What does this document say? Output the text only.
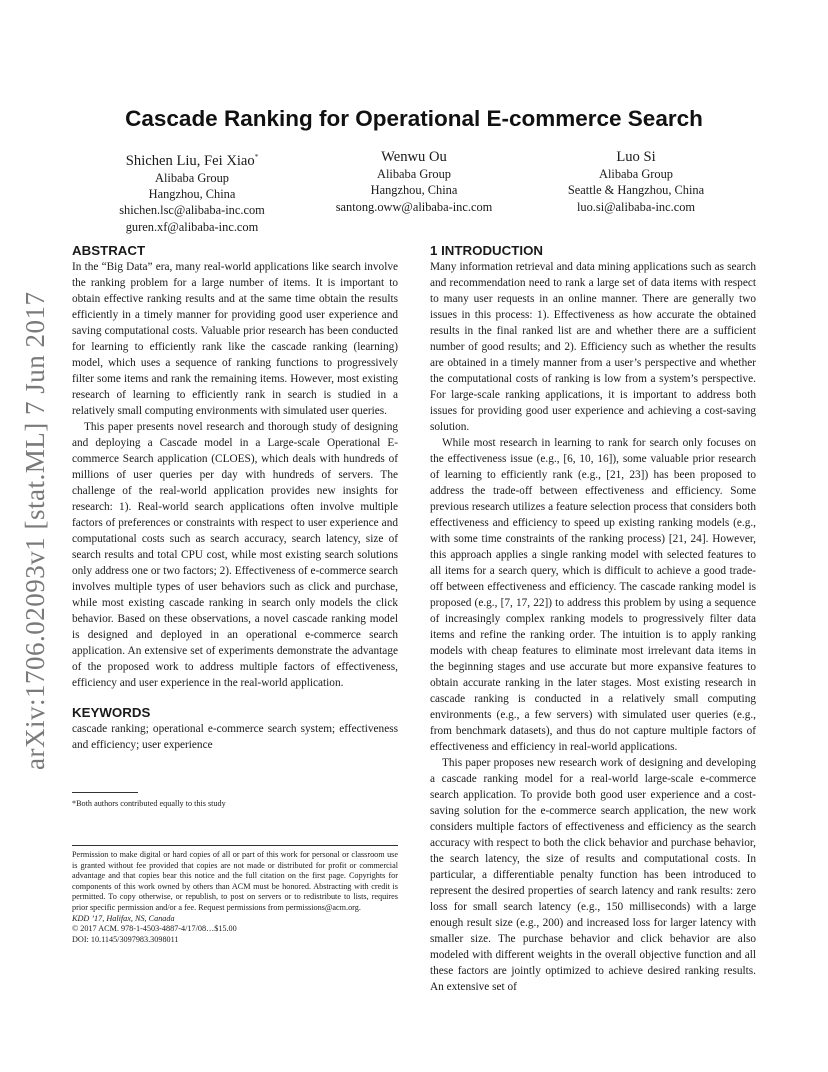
arXiv:1706.02093v1 [stat.ML] 7 Jun 2017
Cascade Ranking for Operational E-commerce Search
Shichen Liu, Fei Xiao*
Alibaba Group
Hangzhou, China
shichen.lsc@alibaba-inc.com
guren.xf@alibaba-inc.com
Wenwu Ou
Alibaba Group
Hangzhou, China
santong.oww@alibaba-inc.com
Luo Si
Alibaba Group
Seattle & Hangzhou, China
luo.si@alibaba-inc.com
ABSTRACT

In the “Big Data” era, many real-world applications like search involve the ranking problem for a large number of items. It is important to obtain effective ranking results and at the same time obtain the results efficiently in a timely manner for providing good user experience and saving computational costs. Valuable prior research has been conducted for learning to efficiently rank like the cascade ranking (learning) model, which uses a sequence of ranking functions to progressively filter some items and rank the remaining items. However, most existing research of learning to efficiently rank in search is studied in a relatively small computing environments with simulated user queries.

This paper presents novel research and thorough study of designing and deploying a Cascade model in a Large-scale Operational E-commerce Search application (CLOES), which deals with hundreds of millions of user queries per day with hundreds of servers. The challenge of the real-world application provides new insights for research: 1). Real-world search applications often involve multiple factors of preferences or constraints with respect to user experience and computational costs such as search accuracy, search latency, size of search results and total CPU cost, while most existing search solutions only address one or two factors; 2). Effectiveness of e-commerce search involves multiple types of user behaviors such as click and purchase, while most existing cascade ranking in search only models the click behavior. Based on these observations, a novel cascade ranking model is designed and deployed in an operational e-commerce search application. An extensive set of experiments demonstrate the advantage of the proposed work to address multiple factors of effectiveness, efficiency and user experience in the real-world application.

KEYWORDS

cascade ranking; operational e-commerce search system; effectiveness and efficiency; user experience

*Both authors contributed equally to this study

Permission to make digital or hard copies of all or part of this work for personal or classroom use is granted without fee provided that copies are not made or distributed for profit or commercial advantage and that copies bear this notice and the full citation on the first page. Copyrights for components of this work owned by others than ACM must be honored. Abstracting with credit is permitted. To copy otherwise, or republish, to post on servers or to redistribute to lists, requires prior specific permission and/or a fee. Request permissions from permissions@acm.org.

KDD ’17, Halifax, NS, Canada

© 2017 ACM. 978-1-4503-4887-4/17/08…$15.00

DOI: 10.1145/3097983.3098011

1 INTRODUCTION

Many information retrieval and data mining applications such as search and recommendation need to rank a large set of data items with respect to many user requests in an online manner. There are generally two issues in this process: 1). Effectiveness as how accurate the obtained results in the final ranked list are and whether there are a sufficient number of good results; and 2). Efficiency such as whether the results are obtained in a timely manner from a user’s perspective and whether the computational costs of ranking is low from a system’s perspective. For large-scale ranking applications, it is important to address both issues for providing good user experience and achieving a cost-saving solution.

While most research in learning to rank for search only focuses on the effectiveness issue (e.g., [6, 10, 16]), some valuable prior research of learning to efficiently rank (e.g., [21, 23]) has been proposed to address the trade-off between effectiveness and efficiency. Some previous research utilizes a feature selection process that considers both effectiveness and efficiency to speed up existing ranking models (e.g., with some time constraints of the ranking process) [21, 24]. However, this approach applies a single ranking model with selected features to all items for a search query, which is difficult to achieve a good trade-off between effectiveness and efficiency. The cascade ranking model is proposed (e.g., [7, 17, 22]) to address this problem by using a sequence of increasingly complex ranking models to progressively filter data items and refine the ranking order. The intuition is to apply ranking models with cheap features to eliminate most irrelevant data items in the beginning stages and use accurate but more expansive features to obtain accurate ranking in the later stages. Most existing research in cascade ranking is conducted in a relatively small computing environments (e.g., a few servers) with simulated user queries (e.g., from benchmark datasets), and thus do not capture multiple factors of effectiveness and efficiency in real-world applications.

This paper proposes new research work of designing and developing a cascade ranking model for a real-world large-scale e-commerce search application. To provide both good user experience and a cost-saving solution for the e-commerce search application, the new work considers multiple factors of effectiveness and efficiency as the search accuracy with respect to both the click behavior and purchase behavior, the search latency, the size of results and computational costs. In particular, a differentiable penalty function has been introduced to represent the desired properties of search latency and rank results: zero loss for small search latency (e.g., 150 milliseconds) with a large enough result size (e.g., 200) and increased loss for larger latency with smaller size. The purchase behavior and click behavior are also modeled with different weights in the overall objective function and all these factors are jointly optimized to achieve desired ranking results. An extensive set of
